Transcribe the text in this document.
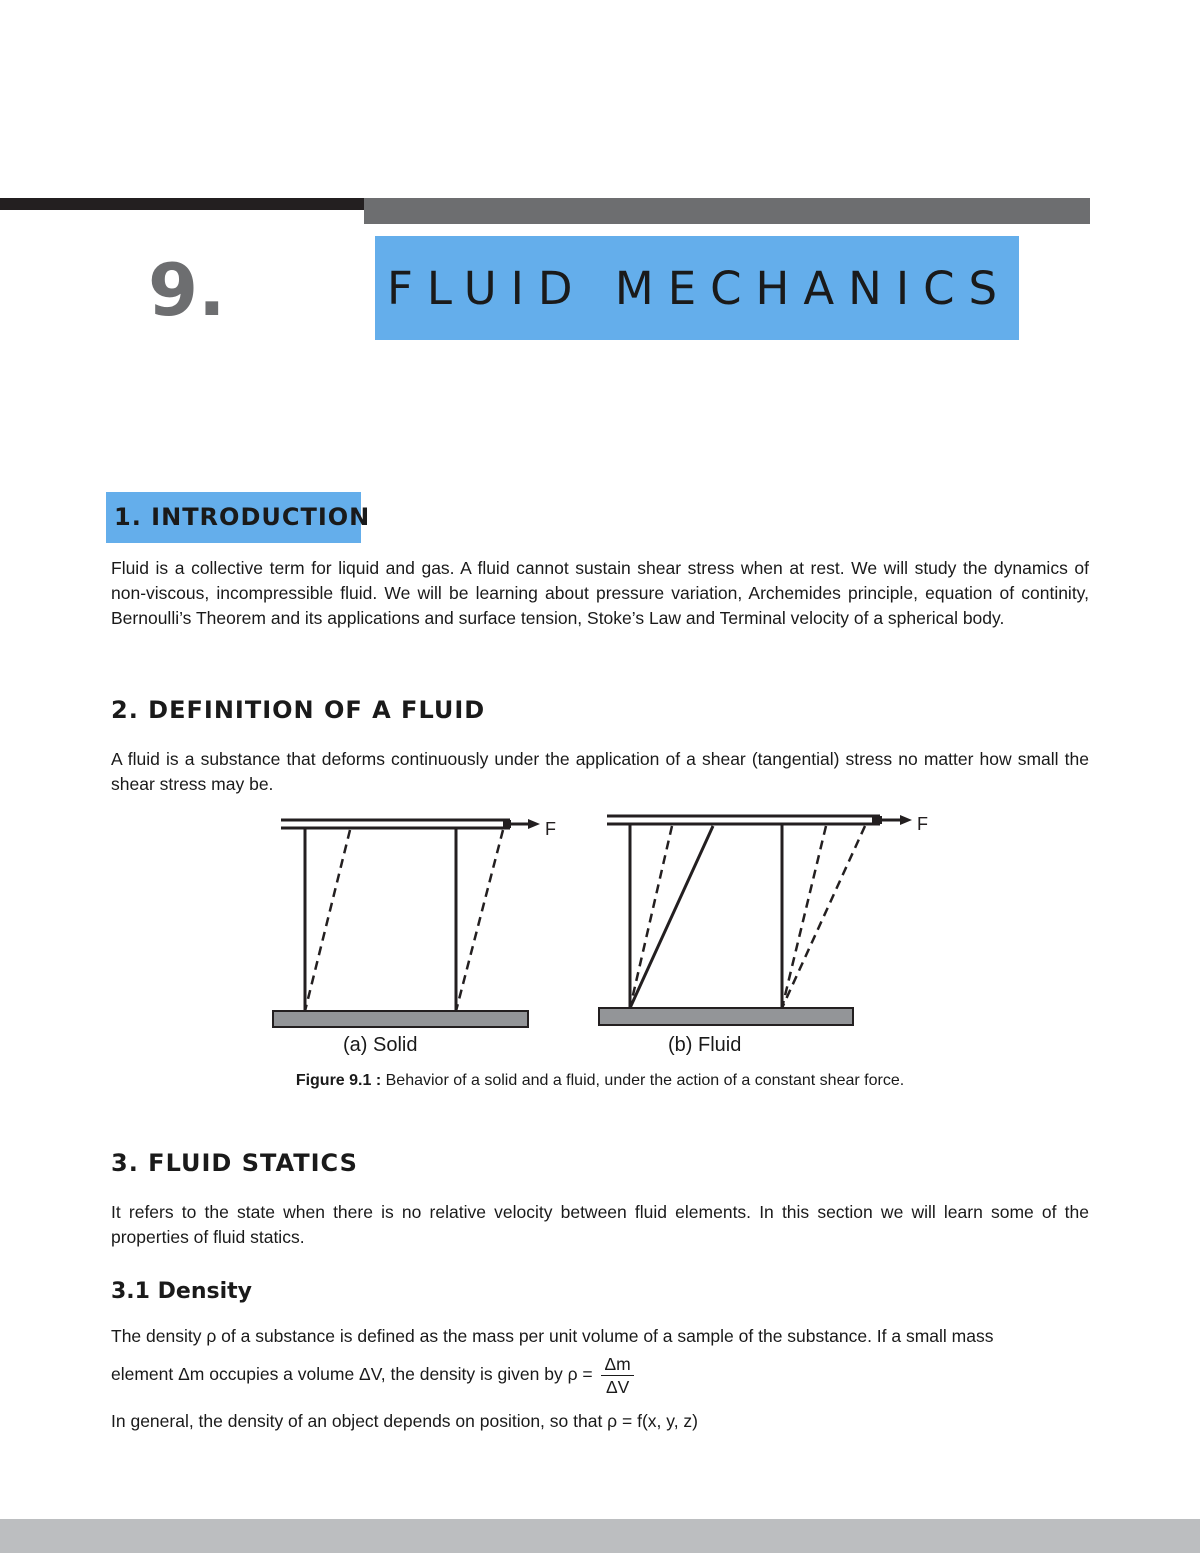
9.	FLUID MECHANICS
1. INTRODUCTION
Fluid is a collective term for liquid and gas. A fluid cannot sustain shear stress when at rest. We will study the dynamics of non-viscous, incompressible fluid. We will be learning about pressure variation, Archemides principle, equation of continity, Bernoulli’s Theorem and its applications and surface tension, Stoke’s Law and Terminal velocity of a spherical body.
2. DEFINITION OF A FLUID
A fluid is a substance that deforms continuously under the application of a shear (tangential) stress no matter how small the shear stress may be.
F	F
(a) Solid	(b) Fluid
Figure 9.1 : Behavior of a solid and a fluid, under the action of a constant shear force.
3. FLUID STATICS
It refers to the state when there is no relative velocity between fluid elements. In this section we will learn some of the properties of fluid statics.
3.1 Density
The density ρ of a substance is defined as the mass per unit volume of a sample of the substance. If a small mass
element Δm occupies a volume ΔV, the density is given by $\rho = \frac{\Delta m}{\Delta V}$
In general, the density of an object depends on position, so that ρ = f(x, y, z)
